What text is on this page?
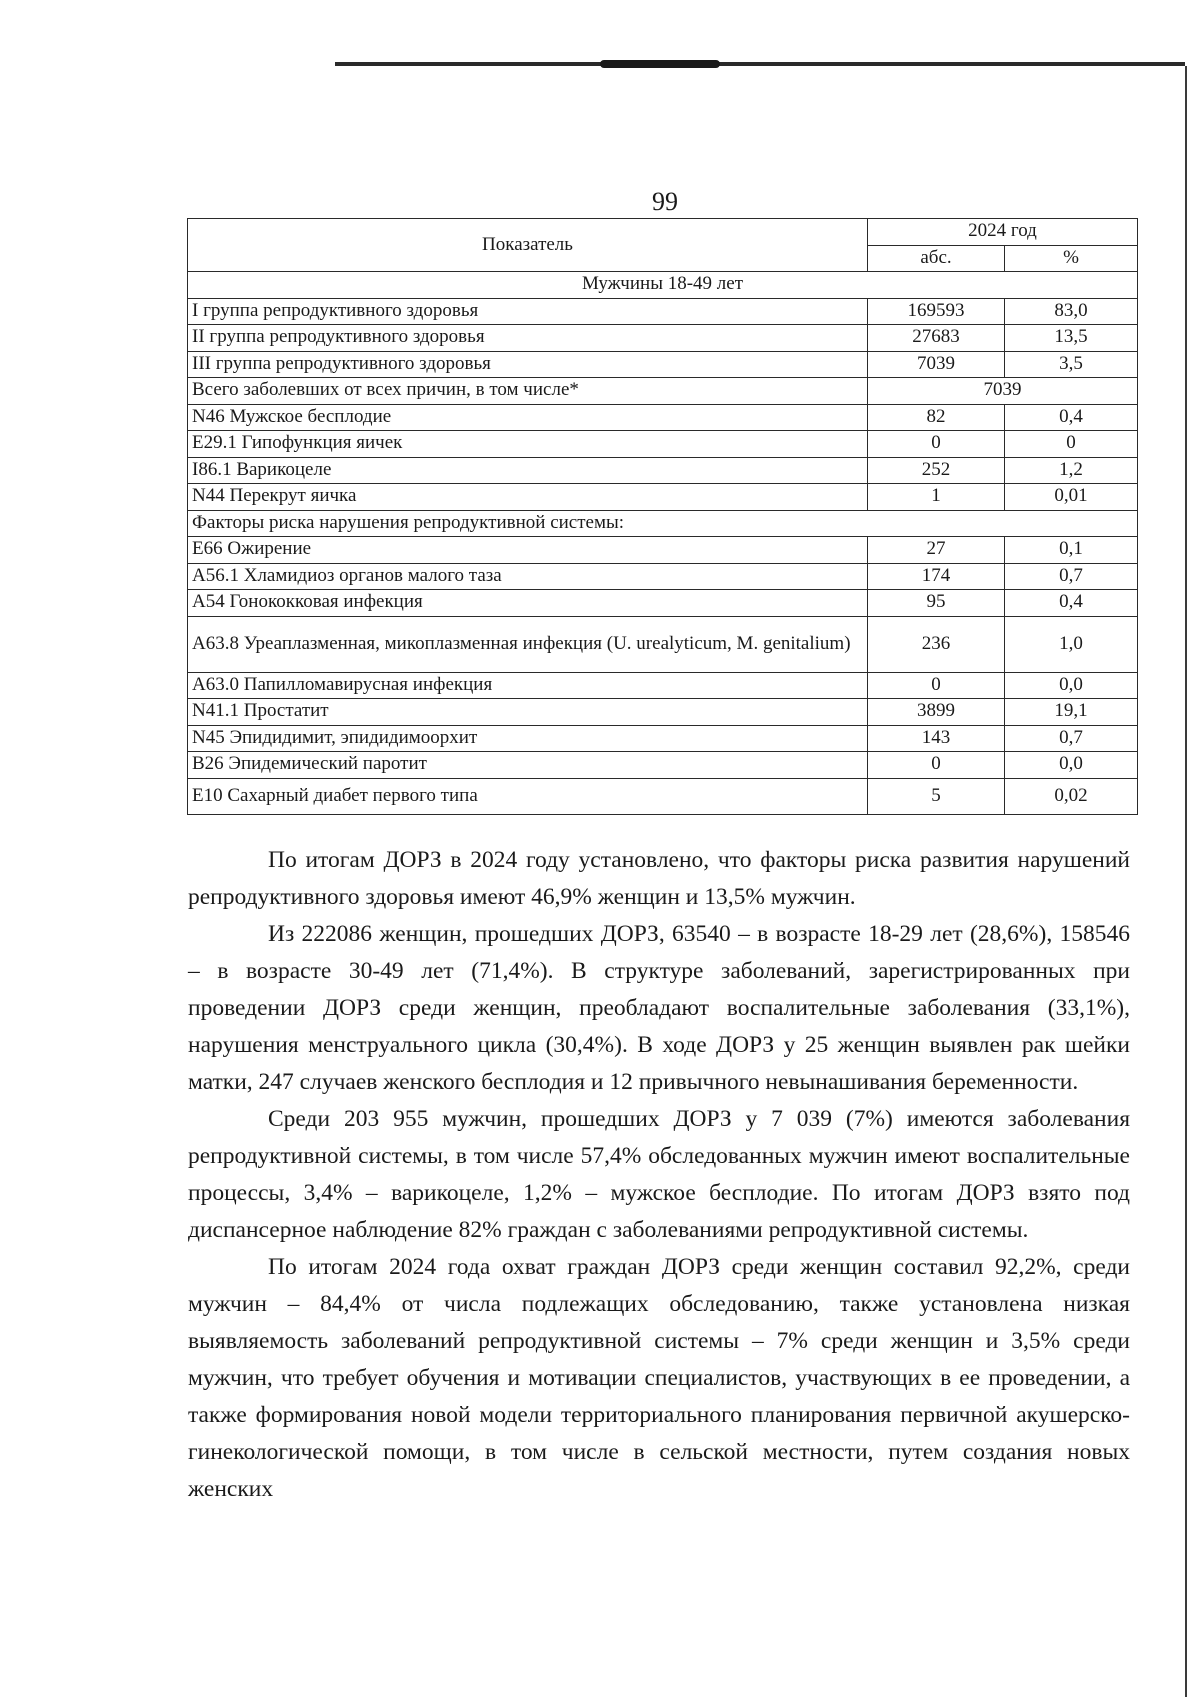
99
Показатель	2024 год	
	абс.	%
Мужчины 18-49 лет		
I группа репродуктивного здоровья	169593	83,0
II группа репродуктивного здоровья	27683	13,5
III группа репродуктивного здоровья	7039	3,5
Всего заболевших от всех причин, в том числе*	7039	
N46 Мужское бесплодие	82	0,4
E29.1 Гипофункция яичек	0	0
I86.1 Варикоцеле	252	1,2
N44 Перекрут яичка	1	0,01
Факторы риска нарушения репродуктивной системы:		
E66 Ожирение	27	0,1
A56.1 Хламидиоз органов малого таза	174	0,7
A54 Гонококковая инфекция	95	0,4
A63.8 Уреаплазменная, микоплазменная инфекция (U. urealyticum, M. genitalium)	236	1,0
A63.0 Папилломавирусная инфекция	0	0,0
N41.1 Простатит	3899	19,1
N45 Эпидидимит, эпидидимоорхит	143	0,7
B26 Эпидемический паротит	0	0,0
E10 Сахарный диабет первого типа	5	0,02

По итогам ДОРЗ в 2024 году установлено, что факторы риска развития нарушений репродуктивного здоровья имеют 46,9% женщин и 13,5% мужчин.

Из 222086 женщин, прошедших ДОРЗ, 63540 – в возрасте 18-29 лет (28,6%), 158546 – в возрасте 30-49 лет (71,4%). В структуре заболеваний, зарегистрированных при проведении ДОРЗ среди женщин, преобладают воспалительные заболевания (33,1%), нарушения менструального цикла (30,4%). В ходе ДОРЗ у 25 женщин выявлен рак шейки матки, 247 случаев женского бесплодия и 12 привычного невынашивания беременности.

Среди 203 955 мужчин, прошедших ДОРЗ у 7 039 (7%) имеются заболевания репродуктивной системы, в том числе 57,4% обследованных мужчин имеют воспалительные процессы, 3,4% – варикоцеле, 1,2% – мужское бесплодие. По итогам ДОРЗ взято под диспансерное наблюдение 82% граждан с заболеваниями репродуктивной системы.

По итогам 2024 года охват граждан ДОРЗ среди женщин составил 92,2%, среди мужчин – 84,4% от числа подлежащих обследованию, также установлена низкая выявляемость заболеваний репродуктивной системы – 7% среди женщин и 3,5% среди мужчин, что требует обучения и мотивации специалистов, участвующих в ее проведении, а также формирования новой модели территориального планирования первичной акушерско-гинекологической помощи, в том числе в сельской местности, путем создания новых женских
